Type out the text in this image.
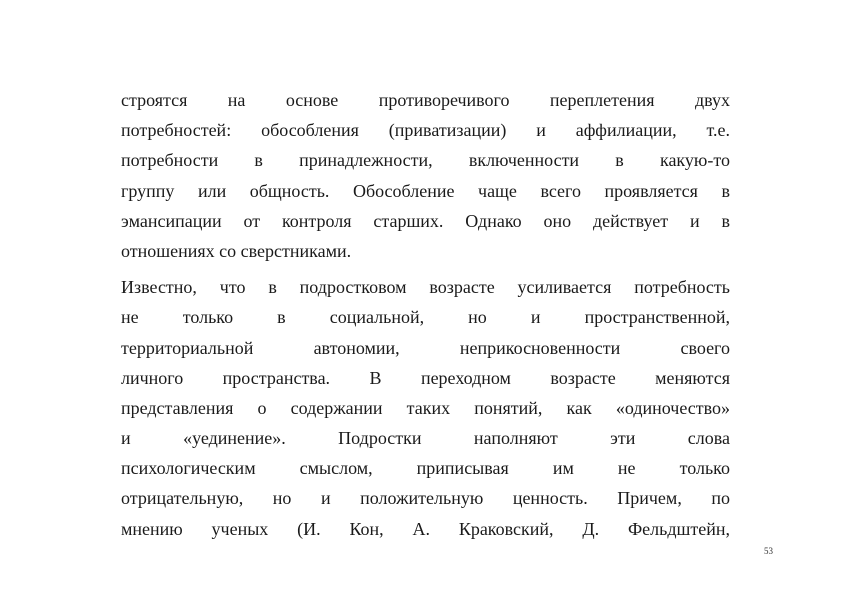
строятся на основе противоречивого переплетения двух
потребностей: обособления (приватизации) и аффилиации, т.е.
потребности в принадлежности, включенности в какую-то
группу или общность. Обособление чаще всего проявляется в
эмансипации от контроля старших. Однако оно действует и в
отношениях со сверстниками.

Известно, что в подростковом возрасте усиливается потребность
не только в социальной, но и пространственной,
территориальной автономии, неприкосновенности своего
личного пространства. В переходном возрасте меняются
представления о содержании таких понятий, как «одиночество»
и «уединение». Подростки наполняют эти слова
психологическим смыслом, приписывая им не только
отрицательную, но и положительную ценность. Причем, по
мнению ученых (И. Кон, А. Краковский, Д. Фельдштейн,

53
